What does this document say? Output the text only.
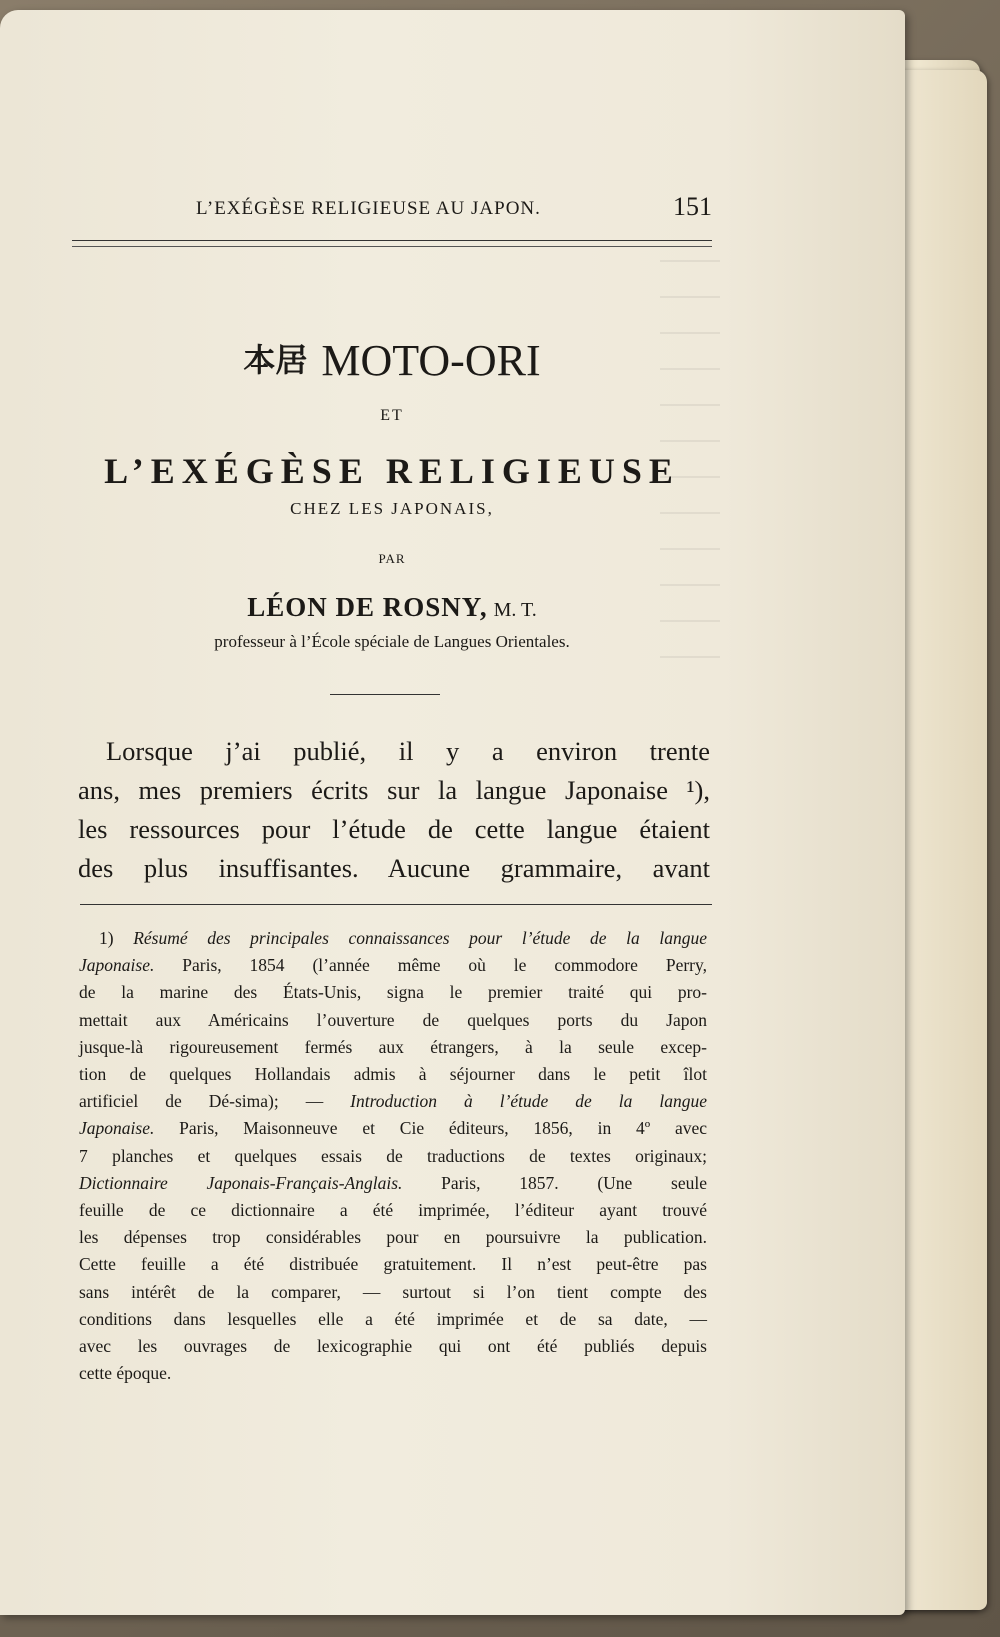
L’EXÉGÈSE RELIGIEUSE AU JAPON.	151
本居 MOTO-ORI
ET
L’EXÉGÈSE RELIGIEUSE
CHEZ LES JAPONAIS,
PAR
LÉON DE ROSNY, M. T.
professeur à l’École spéciale de Langues Orientales.
Lorsque j’ai publié, il y a environ trente
ans, mes premiers écrits sur la langue Japonaise ¹),
les ressources pour l’étude de cette langue étaient
des plus insuffisantes. Aucune grammaire, avant
1) Résumé des principales connaissances pour l’étude de la langue
Japonaise. Paris, 1854 (l’année même où le commodore Perry,
de la marine des États-Unis, signa le premier traité qui pro-
mettait aux Américains l’ouverture de quelques ports du Japon
jusque-là rigoureusement fermés aux étrangers, à la seule excep-
tion de quelques Hollandais admis à séjourner dans le petit îlot
artificiel de Dé-sima); — Introduction à l’étude de la langue
Japonaise. Paris, Maisonneuve et Cie éditeurs, 1856, in 4º avec
7 planches et quelques essais de traductions de textes originaux;
Dictionnaire Japonais-Français-Anglais. Paris, 1857. (Une seule
feuille de ce dictionnaire a été imprimée, l’éditeur ayant trouvé
les dépenses trop considérables pour en poursuivre la publication.
Cette feuille a été distribuée gratuitement. Il n’est peut-être pas
sans intérêt de la comparer, — surtout si l’on tient compte des
conditions dans lesquelles elle a été imprimée et de sa date, —
avec les ouvrages de lexicographie qui ont été publiés depuis
cette époque.
